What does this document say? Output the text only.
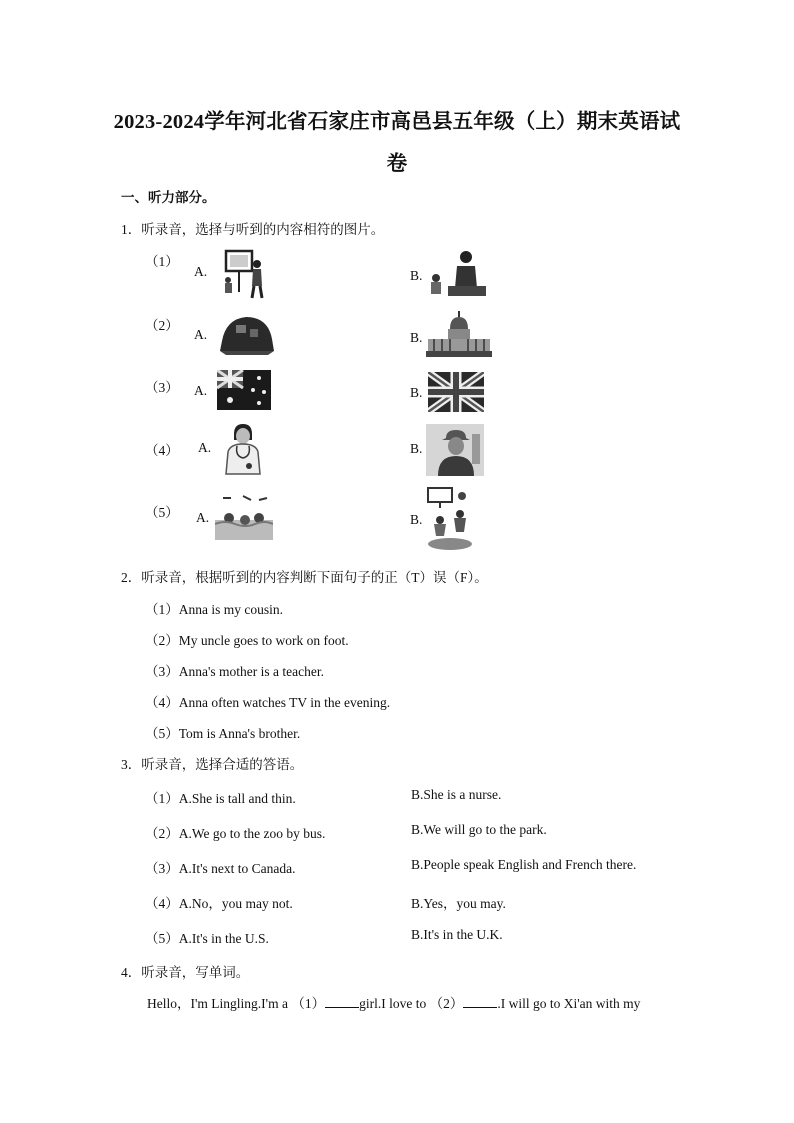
2023-2024学年河北省石家庄市高邑县五年级（上）期末英语试
卷
一、听力部分。
1．听录音，选择与听到的内容相符的图片。
（1）
A.	B.
（2）
A.	B.
（3） A.	B.
（4） A.	B.
（5） A.	B.
2．听录音，根据听到的内容判断下面句子的正（T）误（F）。
（1）Anna is my cousin.
（2）My uncle goes to work on foot.
（3）Anna's mother is a teacher.
（4）Anna often watches TV in the evening.
（5）Tom is Anna's brother.
3．听录音，选择合适的答语。
（1）A.She is tall and thin.	B.She is a nurse.
（2）A.We go to the zoo by bus.	B.We will go to the park.
（3）A.It's next to Canada.	B.People speak English and French there.
（4）A.No，you may not.	B.Yes，you may.
（5）A.It's in the U.S.	B.It's in the U.K.
4．听录音，写单词。
Hello，I'm Lingling.I'm a （1）	girl.I love to （2）	.I will go to Xi'an with my
